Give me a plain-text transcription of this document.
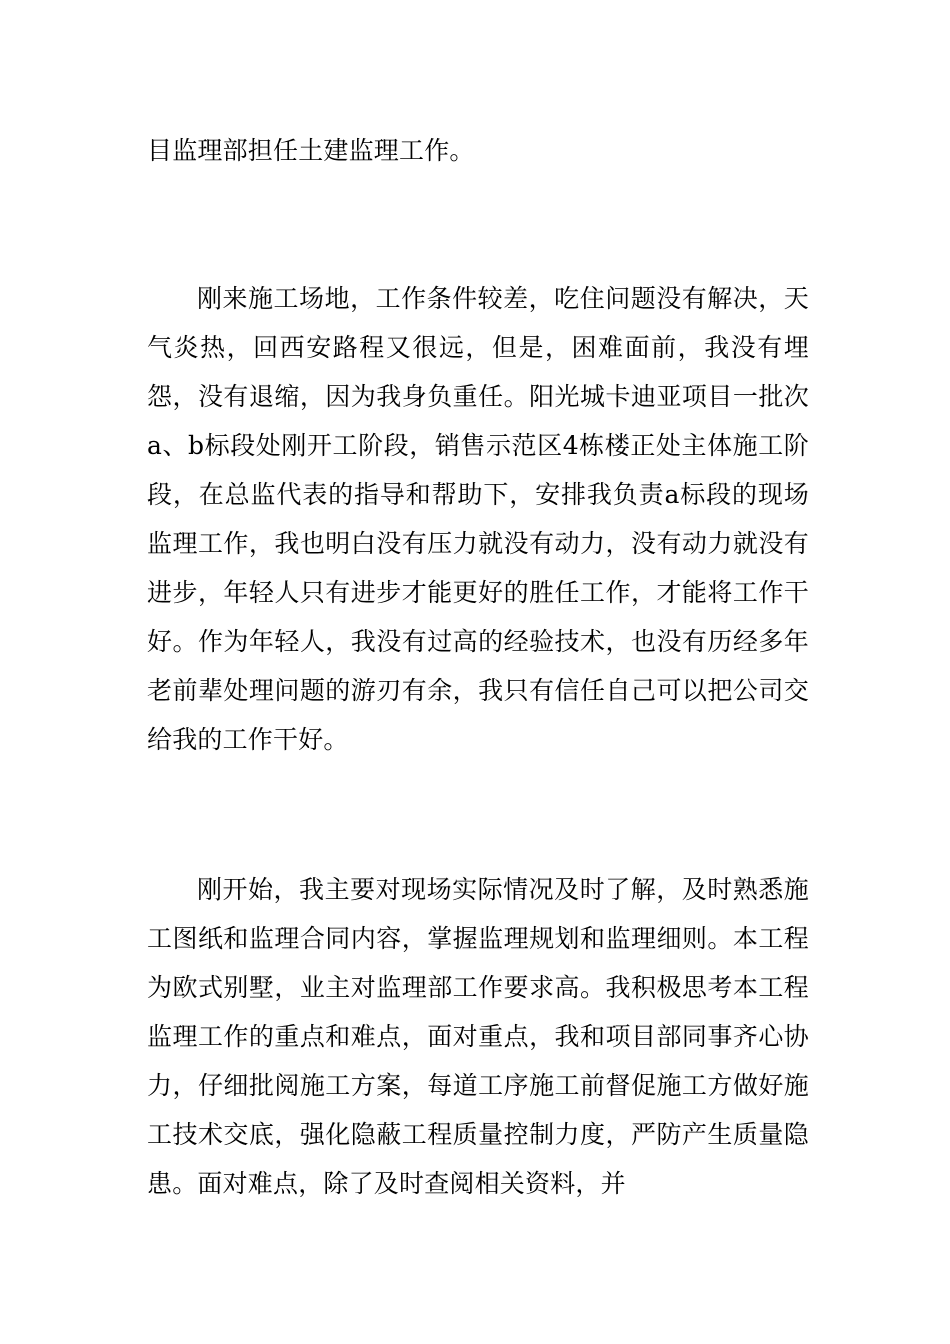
目监理部担任土建监理工作。

刚来施工场地，工作条件较差，吃住问题没有解决，天气炎热，回西安路程又很远，但是，困难面前，我没有埋怨，没有退缩，因为我身负重任。阳光城卡迪亚项目一批次a、b标段处刚开工阶段，销售示范区4栋楼正处主体施工阶段，在总监代表的指导和帮助下，安排我负责a标段的现场监理工作，我也明白没有压力就没有动力，没有动力就没有进步，年轻人只有进步才能更好的胜任工作，才能将工作干好。作为年轻人，我没有过高的经验技术，也没有历经多年老前辈处理问题的游刃有余，我只有信任自己可以把公司交给我的工作干好。

刚开始，我主要对现场实际情况及时了解，及时熟悉施工图纸和监理合同内容，掌握监理规划和监理细则。本工程为欧式别墅，业主对监理部工作要求高。我积极思考本工程监理工作的重点和难点，面对重点，我和项目部同事齐心协力，仔细批阅施工方案，每道工序施工前督促施工方做好施工技术交底，强化隐蔽工程质量控制力度，严防产生质量隐患。面对难点，除了及时查阅相关资料，并
